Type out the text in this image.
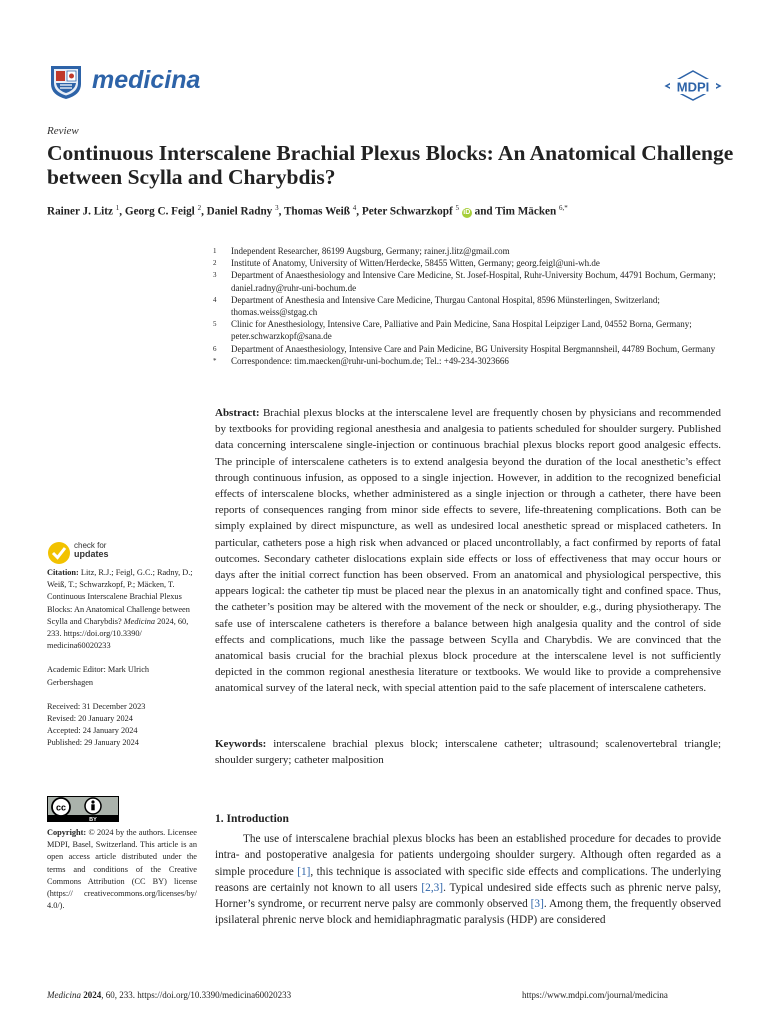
medicina	MDPI
Review
Continuous Interscalene Brachial Plexus Blocks: An Anatomical Challenge between Scylla and Charybdis?
Rainer J. Litz $^1$, Georg C. Feigl $^2$, Daniel Radny $^3$, Thomas Weiß $^4$, Peter Schwarzkopf $^5$ iD and Tim Mäcken $^{6,*}$
1	Independent Researcher, 86199 Augsburg, Germany; rainer.j.litz@gmail.com
2	Institute of Anatomy, University of Witten/Herdecke, 58455 Witten, Germany; georg.feigl@uni-wh.de
3	Department of Anaesthesiology and Intensive Care Medicine, St. Josef-Hospital, Ruhr-University Bochum, 44791 Bochum, Germany; daniel.radny@ruhr-uni-bochum.de
4	Department of Anesthesia and Intensive Care Medicine, Thurgau Cantonal Hospital, 8596 Münsterlingen, Switzerland; thomas.weiss@stgag.ch
5	Clinic for Anesthesiology, Intensive Care, Palliative and Pain Medicine, Sana Hospital Leipziger Land, 04552 Borna, Germany; peter.schwarzkopf@sana.de
6	Department of Anaesthesiology, Intensive Care and Pain Medicine, BG University Hospital Bergmannsheil, 44789 Bochum, Germany
*	Correspondence: tim.maecken@ruhr-uni-bochum.de; Tel.: +49-234-3023666
Abstract: Brachial plexus blocks at the interscalene level are frequently chosen by physicians and recommended by textbooks for providing regional anesthesia and analgesia to patients scheduled for shoulder surgery. Published data concerning interscalene single-injection or continuous brachial plexus blocks report good analgesic effects. The principle of interscalene catheters is to extend analgesia beyond the duration of the local anesthetic’s effect through continuous infusion, as opposed to a single injection. However, in addition to the recognized beneficial effects of interscalene blocks, whether administered as a single injection or through a catheter, there have been reports of consequences ranging from minor side effects to severe, life-threatening complications. Both can be simply explained by direct mispuncture, as well as undesired local anesthetic spread or misplaced catheters. In particular, catheters pose a high risk when advanced or placed uncontrollably, a fact confirmed by reports of fatal outcomes. Secondary catheter dislocations explain side effects or loss of effectiveness that may occur hours or days after the initial correct function has been observed. From an anatomical and physiological perspective, this appears logical: the catheter tip must be placed near the plexus in an anatomically tight and confined space. Thus, the catheter’s position may be altered with the movement of the neck or shoulder, e.g., during physiotherapy. The safe use of interscalene catheters is therefore a balance between high analgesia quality and the control of side effects and complications, much like the passage between Scylla and Charybdis. We are convinced that the anatomical basis crucial for the brachial plexus block procedure at the interscalene level is not sufficiently depicted in the common regional anesthesia literature or textbooks. We would like to provide a comprehensive anatomical survey of the lateral neck, with special attention paid to the safe placement of interscalene catheters.
Keywords: interscalene brachial plexus block; interscalene catheter; ultrasound; scalenovertebral triangle; shoulder surgery; catheter malposition
check for
updates

Citation: Litz, R.J.; Feigl, G.C.; Radny, D.; Weiß, T.; Schwarzkopf, P.; Mäcken, T. Continuous Interscalene Brachial Plexus Blocks: An Anatomical Challenge between Scylla and Charybdis? Medicina 2024, 60, 233. https://doi.org/10.3390/ medicina60020233

Academic Editor: Mark Ulrich Gerbershagen

Received: 31 December 2023
Revised: 20 January 2024
Accepted: 24 January 2024
Published: 29 January 2024
cc
BY
Copyright: © 2024 by the authors. Licensee MDPI, Basel, Switzerland. This article is an open access article distributed under the terms and conditions of the Creative Commons Attribution (CC BY) license (https:// creativecommons.org/licenses/by/ 4.0/).
1. Introduction
The use of interscalene brachial plexus blocks has been an established procedure for decades to provide intra- and postoperative analgesia for patients undergoing shoulder surgery. Although often regarded as a simple procedure [1], this technique is associated with specific side effects and complications. The underlying reasons are certainly not known to all users [2,3]. Typical undesired side effects such as phrenic nerve palsy, Horner’s syndrome, or recurrent nerve palsy are commonly observed [3]. Among them, the frequently observed ipsilateral phrenic nerve block and hemidiaphragmatic paralysis (HDP) are considered
Medicina 2024, 60, 233. https://doi.org/10.3390/medicina60020233	https://www.mdpi.com/journal/medicina
